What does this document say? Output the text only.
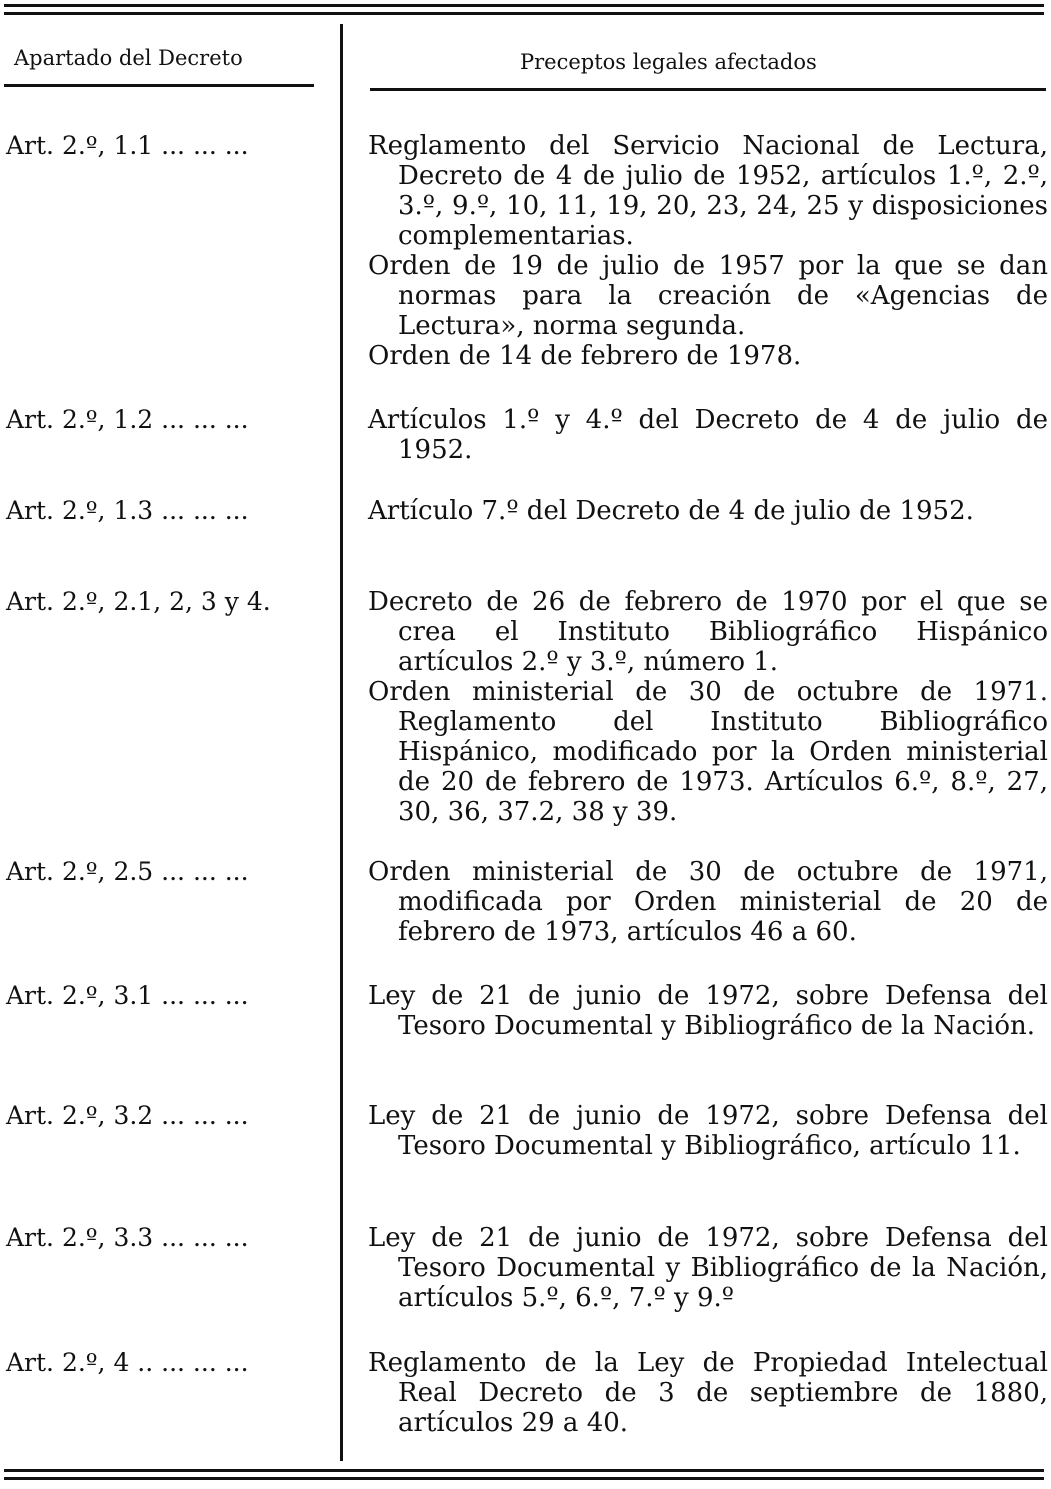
Apartado del Decreto	Preceptos legales afectados
Art. 2.º, 1.1 ... ... ...	Reglamento del Servicio Nacional de Lectura, Decreto de 4 de julio de 1952, artículos 1.º, 2.º, 3.º, 9.º, 10, 11, 19, 20, 23, 24, 25 y disposiciones complementarias.
Orden de 19 de julio de 1957 por la que se dan normas para la creación de «Agencias de Lectura», norma segunda.
Orden de 14 de febrero de 1978.
Art. 2.º, 1.2 ... ... ...	Artículos 1.º y 4.º del Decreto de 4 de julio de 1952.
Art. 2.º, 1.3 ... ... ...	Artículo 7.º del Decreto de 4 de julio de 1952.
Art. 2.º, 2.1, 2, 3 y 4.	Decreto de 26 de febrero de 1970 por el que se crea el Instituto Bibliográfico Hispánico artículos 2.º y 3.º, número 1.
Orden ministerial de 30 de octubre de 1971. Reglamento del Instituto Bibliográfico Hispánico, modificado por la Orden ministerial de 20 de febrero de 1973. Artículos 6.º, 8.º, 27, 30, 36, 37.2, 38 y 39.
Art. 2.º, 2.5 ... ... ...	Orden ministerial de 30 de octubre de 1971, modificada por Orden ministerial de 20 de febrero de 1973, artículos 46 a 60.
Art. 2.º, 3.1 ... ... ...	Ley de 21 de junio de 1972, sobre Defensa del Tesoro Documental y Bibliográfico de la Nación.
Art. 2.º, 3.2 ... ... ...	Ley de 21 de junio de 1972, sobre Defensa del Tesoro Documental y Bibliográfico, artículo 11.
Art. 2.º, 3.3 ... ... ...	Ley de 21 de junio de 1972, sobre Defensa del Tesoro Documental y Bibliográfico de la Nación, artículos 5.º, 6.º, 7.º y 9.º
Art. 2.º, 4 .. ... ... ...	Reglamento de la Ley de Propiedad Intelectual Real Decreto de 3 de septiembre de 1880, artículos 29 a 40.
